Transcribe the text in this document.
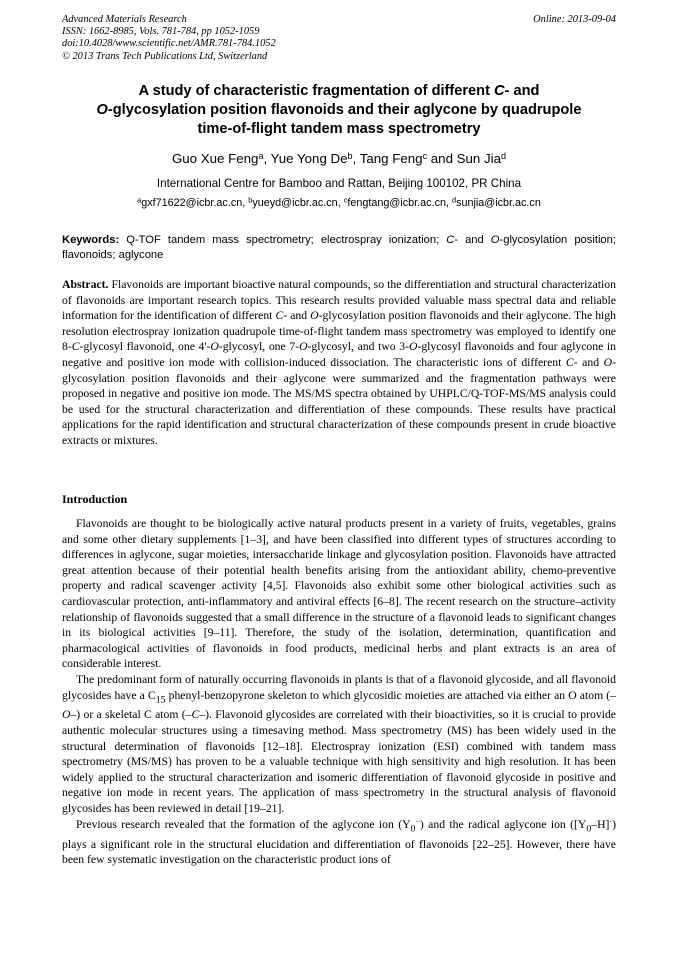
Advanced Materials Research
ISSN: 1662-8985, Vols. 781-784, pp 1052-1059
doi:10.4028/www.scientific.net/AMR.781-784.1052
© 2013 Trans Tech Publications Ltd, Switzerland
Online: 2013-09-04
A study of characteristic fragmentation of different C- and
O-glycosylation position flavonoids and their aglycone by quadrupole
time-of-flight tandem mass spectrometry
Guo Xue Feng$^a$, Yue Yong De$^b$, Tang Feng$^c$ and Sun Jia$^d$
International Centre for Bamboo and Rattan, Beijing 100102, PR China
$^a$gxf71622@icbr.ac.cn, $^b$yueyd@icbr.ac.cn, $^c$fengtang@icbr.ac.cn, $^d$sunjia@icbr.ac.cn
Keywords: Q-TOF tandem mass spectrometry; electrospray ionization; C- and O-glycosylation position; flavonoids; aglycone
Abstract. Flavonoids are important bioactive natural compounds, so the differentiation and structural characterization of flavonoids are important research topics. This research results provided valuable mass spectral data and reliable information for the identification of different C- and O-glycosylation position flavonoids and their aglycone. The high resolution electrospray ionization quadrupole time-of-flight tandem mass spectrometry was employed to identify one 8-C-glycosyl flavonoid, one 4'-O-glycosyl, one 7-O-glycosyl, and two 3-O-glycosyl flavonoids and four aglycone in negative and positive ion mode with collision-induced dissociation. The characteristic ions of different C- and O-glycosylation position flavonoids and their aglycone were summarized and the fragmentation pathways were proposed in negative and positive ion mode. The MS/MS spectra obtained by UHPLC/Q-TOF-MS/MS analysis could be used for the structural characterization and differentiation of these compounds. These results have practical applications for the rapid identification and structural characterization of these compounds present in crude bioactive extracts or mixtures.
Introduction

Flavonoids are thought to be biologically active natural products present in a variety of fruits, vegetables, grains and some other dietary supplements [1–3], and have been classified into different types of structures according to differences in aglycone, sugar moieties, intersaccharide linkage and glycosylation position. Flavonoids have attracted great attention because of their potential health benefits arising from the antioxidant ability, chemo-preventive property and radical scavenger activity [4,5]. Flavonoids also exhibit some other biological activities such as cardiovascular protection, anti-inflammatory and antiviral effects [6–8]. The recent research on the structure–activity relationship of flavonoids suggested that a small difference in the structure of a flavonoid leads to significant changes in its biological activities [9–11]. Therefore, the study of the isolation, determination, quantification and pharmacological activities of flavonoids in food products, medicinal herbs and plant extracts is an area of considerable interest.

The predominant form of naturally occurring flavonoids in plants is that of a flavonoid glycoside, and all flavonoid glycosides have a $C_{15}$ phenyl-benzopyrone skeleton to which glycosidic moieties are attached via either an O atom (–O–) or a skeletal C atom (–C–). Flavonoid glycosides are correlated with their bioactivities, so it is crucial to provide authentic molecular structures using a timesaving method. Mass spectrometry (MS) has been widely used in the structural determination of flavonoids [12–18]. Electrospray ionization (ESI) combined with tandem mass spectrometry (MS/MS) has proven to be a valuable technique with high sensitivity and high resolution. It has been widely applied to the structural characterization and isomeric differentiation of flavonoid glycoside in positive and negative ion mode in recent years. The application of mass spectrometry in the structural analysis of flavonoid glycosides has been reviewed in detail [19–21].

Previous research revealed that the formation of the aglycone ion $(Y_0^-)$ and the radical aglycone ion $([Y_0-H]^\cdot)$ plays a significant role in the structural elucidation and differentiation of flavonoids [22–25]. However, there have been few systematic investigation on the characteristic product ions of
